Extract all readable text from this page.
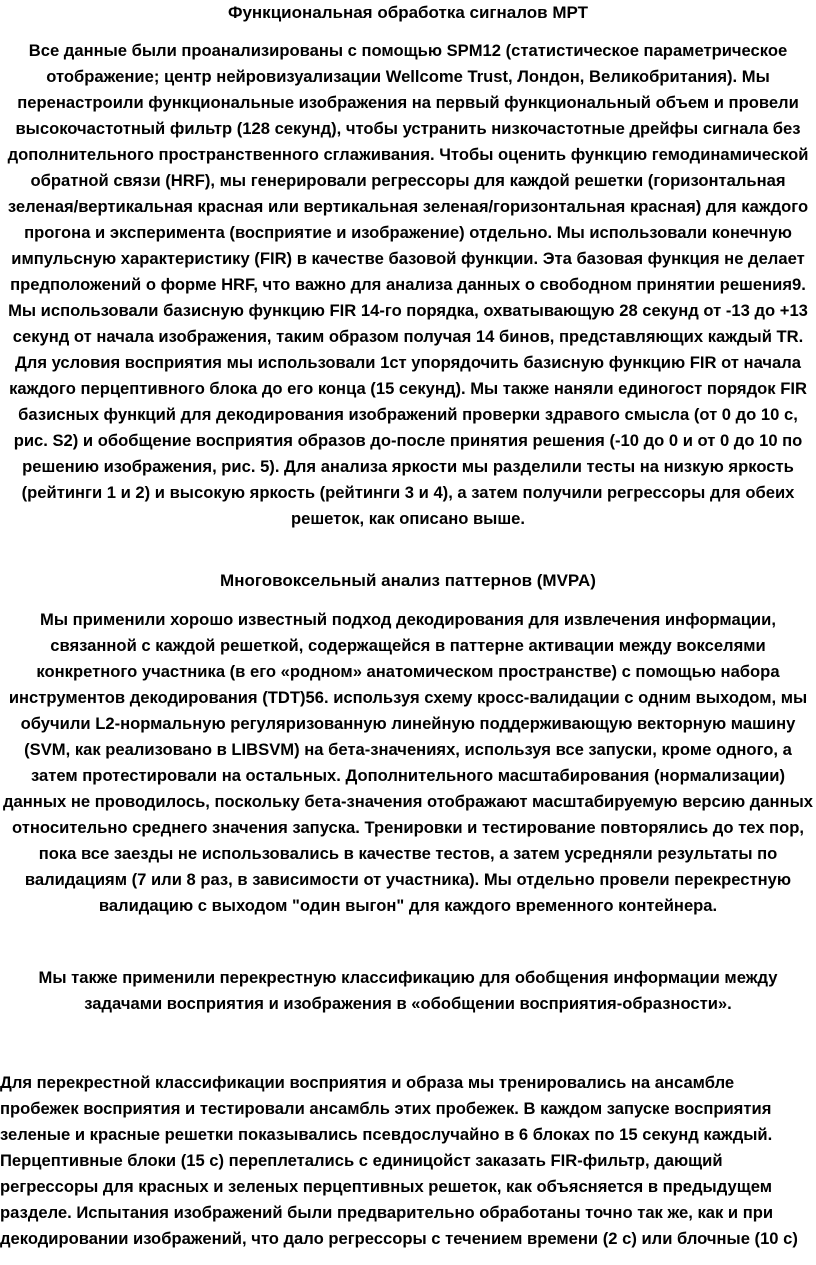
Функциональная обработка сигналов МРТ

Все данные были проанализированы с помощью SPM12 (статистическое параметрическое отображение; центр нейровизуализации Wellcome Trust, Лондон, Великобритания). Мы перенастроили функциональные изображения на первый функциональный объем и провели высокочастотный фильтр (128 секунд), чтобы устранить низкочастотные дрейфы сигнала без дополнительного пространственного сглаживания. Чтобы оценить функцию гемодинамической обратной связи (HRF), мы генерировали регрессоры для каждой решетки (горизонтальная зеленая/вертикальная красная или вертикальная зеленая/горизонтальная красная) для каждого прогона и эксперимента (восприятие и изображение) отдельно. Мы использовали конечную импульсную характеристику (FIR) в качестве базовой функции. Эта базовая функция не делает предположений о форме HRF, что важно для анализа данных о свободном принятии решения9. Мы использовали базисную функцию FIR 14-го порядка, охватывающую 28 секунд от -13 до +13 секунд от начала изображения, таким образом получая 14 бинов, представляющих каждый TR. Для условия восприятия мы использовали 1ст упорядочить базисную функцию FIR от начала каждого перцептивного блока до его конца (15 секунд). Мы также наняли единогост порядок FIR базисных функций для декодирования изображений проверки здравого смысла (от 0 до 10 с, рис. S2) и обобщение восприятия образов до-после принятия решения (-10 до 0 и от 0 до 10 по решению изображения, рис. 5). Для анализа яркости мы разделили тесты на низкую яркость (рейтинги 1 и 2) и высокую яркость (рейтинги 3 и 4), а затем получили регрессоры для обеих решеток, как описано выше.

Многовоксельный анализ паттернов (MVPA)

Мы применили хорошо известный подход декодирования для извлечения информации, связанной с каждой решеткой, содержащейся в паттерне активации между вокселями конкретного участника (в его «родном» анатомическом пространстве) с помощью набора инструментов декодирования (TDT)56. используя схему кросс-валидации с одним выходом, мы обучили L2-нормальную регуляризованную линейную поддерживающую векторную машину (SVM, как реализовано в LIBSVM) на бета-значениях, используя все запуски, кроме одного, а затем протестировали на остальных. Дополнительного масштабирования (нормализации) данных не проводилось, поскольку бета-значения отображают масштабируемую версию данных относительно среднего значения запуска. Тренировки и тестирование повторялись до тех пор, пока все заезды не использовались в качестве тестов, а затем усредняли результаты по валидациям (7 или 8 раз, в зависимости от участника). Мы отдельно провели перекрестную валидацию с выходом "один выгон" для каждого временного контейнера.

Мы также применили перекрестную классификацию для обобщения информации между задачами восприятия и изображения в «обобщении восприятия-образности».

Для перекрестной классификации восприятия и образа мы тренировались на ансамбле пробежек восприятия и тестировали ансамбль этих пробежек. В каждом запуске восприятия зеленые и красные решетки показывались псевдослучайно в 6 блоках по 15 секунд каждый. Перцептивные блоки (15 с) переплетались с единицойст заказать FIR-фильтр, дающий регрессоры для красных и зеленых перцептивных решеток, как объясняется в предыдущем разделе. Испытания изображений были предварительно обработаны точно так же, как и при декодировании изображений, что дало регрессоры с течением времени (2 с) или блочные (10 с)
